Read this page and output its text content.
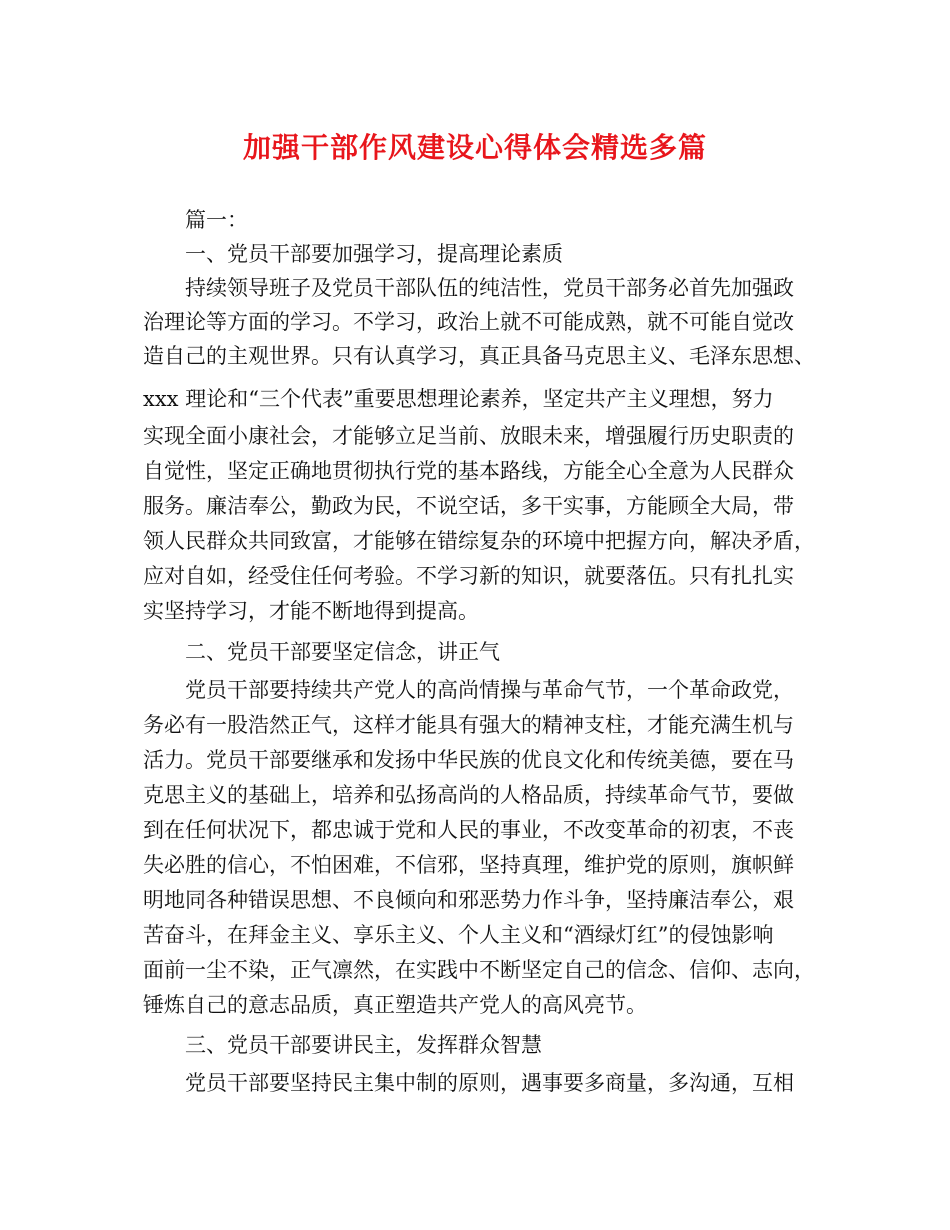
加强干部作风建设心得体会精选多篇
篇一：
一、党员干部要加强学习，提高理论素质
持续领导班子及党员干部队伍的纯洁性，党员干部务必首先加强政
治理论等方面的学习。不学习，政治上就不可能成熟，就不可能自觉改
造自己的主观世界。只有认真学习，真正具备马克思主义、毛泽东思想、
xxx 理论和“三个代表”重要思想理论素养，坚定共产主义理想，努力
实现全面小康社会，才能够立足当前、放眼未来，增强履行历史职责的
自觉性，坚定正确地贯彻执行党的基本路线，方能全心全意为人民群众
服务。廉洁奉公，勤政为民，不说空话，多干实事，方能顾全大局，带
领人民群众共同致富，才能够在错综复杂的环境中把握方向，解决矛盾，
应对自如，经受住任何考验。不学习新的知识，就要落伍。只有扎扎实
实坚持学习，才能不断地得到提高。
二、党员干部要坚定信念，讲正气
党员干部要持续共产党人的高尚情操与革命气节，一个革命政党，
务必有一股浩然正气，这样才能具有强大的精神支柱，才能充满生机与
活力。党员干部要继承和发扬中华民族的优良文化和传统美德，要在马
克思主义的基础上，培养和弘扬高尚的人格品质，持续革命气节，要做
到在任何状况下，都忠诚于党和人民的事业，不改变革命的初衷，不丧
失必胜的信心，不怕困难，不信邪，坚持真理，维护党的原则，旗帜鲜
明地同各种错误思想、不良倾向和邪恶势力作斗争，坚持廉洁奉公，艰
苦奋斗，在拜金主义、享乐主义、个人主义和“酒绿灯红”的侵蚀影响
面前一尘不染，正气凛然，在实践中不断坚定自己的信念、信仰、志向，
锤炼自己的意志品质，真正塑造共产党人的高风亮节。
三、党员干部要讲民主，发挥群众智慧
党员干部要坚持民主集中制的原则，遇事要多商量，多沟通，互相
